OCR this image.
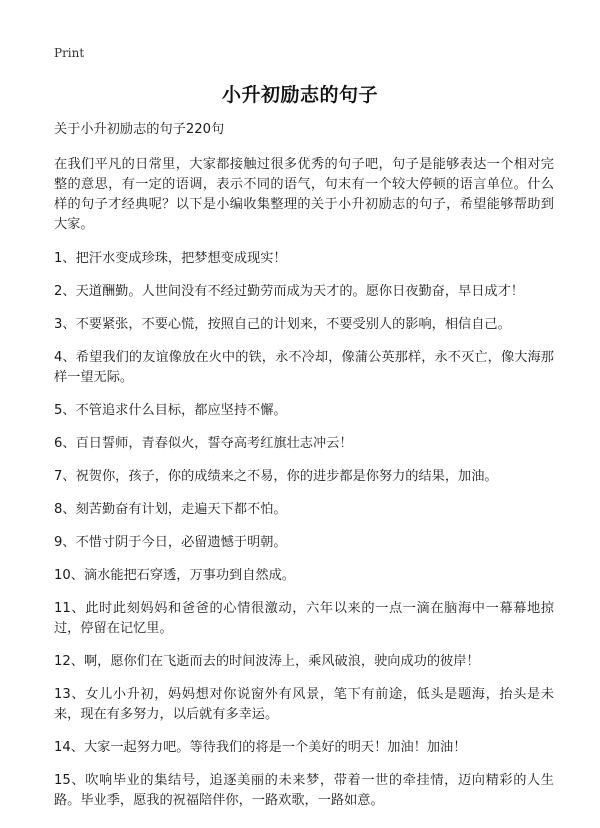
Print
小升初励志的句子

关于小升初励志的句子220句

在我们平凡的日常里，大家都接触过很多优秀的句子吧，句子是能够表达一个相对完整的意思，有一定的语调，表示不同的语气，句末有一个较大停顿的语言单位。什么样的句子才经典呢？以下是小编收集整理的关于小升初励志的句子，希望能够帮助到大家。

1、把汗水变成珍珠，把梦想变成现实！

2、天道酬勤。人世间没有不经过勤劳而成为天才的。愿你日夜勤奋，早日成才！

3、不要紧张，不要心慌，按照自己的计划来，不要受别人的影响，相信自己。

4、希望我们的友谊像放在火中的铁，永不冷却，像蒲公英那样，永不灭亡，像大海那样一望无际。

5、不管追求什么目标，都应坚持不懈。

6、百日誓师，青春似火，誓夺高考红旗壮志冲云！

7、祝贺你，孩子，你的成绩来之不易，你的进步都是你努力的结果，加油。

8、刻苦勤奋有计划，走遍天下都不怕。

9、不惜寸阴于今日，必留遗憾于明朝。

10、滴水能把石穿透，万事功到自然成。

11、此时此刻妈妈和爸爸的心情很激动，六年以来的一点一滴在脑海中一幕幕地掠过，停留在记忆里。

12、啊，愿你们在飞逝而去的时间波涛上，乘风破浪，驶向成功的彼岸！

13、女儿小升初，妈妈想对你说窗外有风景，笔下有前途，低头是题海，抬头是未来，现在有多努力，以后就有多幸运。

14、大家一起努力吧。等待我们的将是一个美好的明天！加油！加油！

15、吹响毕业的集结号，追逐美丽的未来梦，带着一世的牵挂情，迈向精彩的人生路。毕业季，愿我的祝福陪伴你，一路欢歌，一路如意。
